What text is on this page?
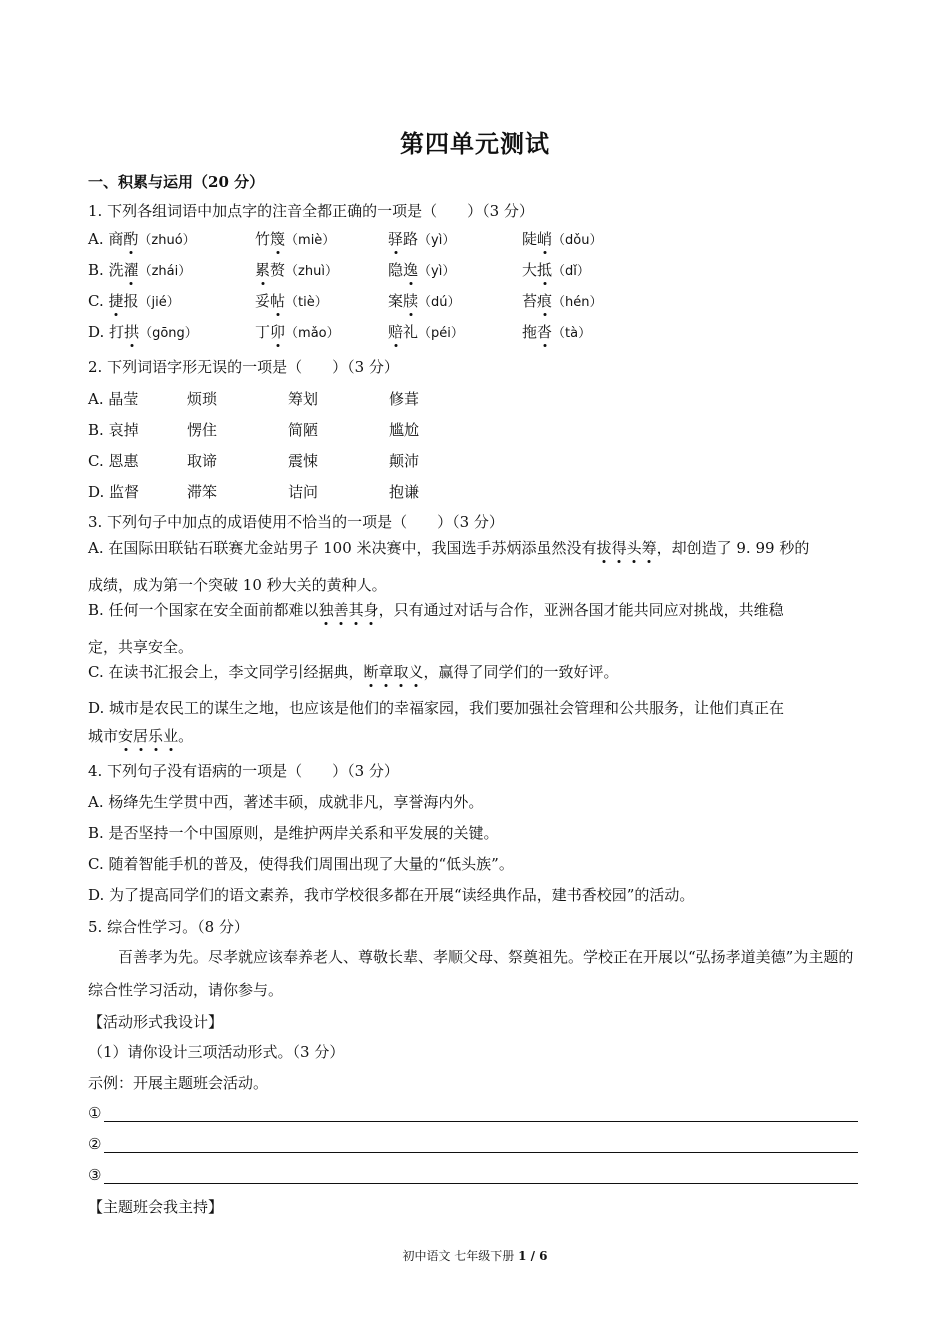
第四单元测试
一、积累与运用（20 分）
1. 下列各组词语中加点字的注音全都正确的一项是（　　）（3 分）
A. 商酌（zhuó）	竹篾（miè）	驿路（yì）	陡峭（dǒu）
B. 洗濯（zhái）	累赘（zhuì）	隐逸（yì）	大抵（dǐ）
C. 捷报（jié）	妥帖（tiè）	案牍（dú）	苔痕（hén）
D. 打拱（gōng）	丁卯（mǎo）	赔礼（péi）	拖沓（tà）
2. 下列词语字形无误的一项是（　　）（3 分）
A. 晶莹	烦琐	筹划	修葺
B. 哀掉	愣住	简陋	尴尬
C. 恩惠	取谛	震悚	颠沛
D. 监督	滞笨	诘问	抱谦
3. 下列句子中加点的成语使用不恰当的一项是（　　）（3 分）
A. 在国际田联钻石联赛尤金站男子 100 米决赛中，我国选手苏炳添虽然没有拔得头筹，却创造了 9. 99 秒的
成绩，成为第一个突破 10 秒大关的黄种人。
B. 任何一个国家在安全面前都难以独善其身，只有通过对话与合作，亚洲各国才能共同应对挑战，共维稳
定，共享安全。
C. 在读书汇报会上，李文同学引经据典，断章取义，赢得了同学们的一致好评。
D. 城市是农民工的谋生之地，也应该是他们的幸福家园，我们要加强社会管理和公共服务，让他们真正在
城市安居乐业。
4. 下列句子没有语病的一项是（　　）（3 分）
A. 杨绛先生学贯中西，著述丰硕，成就非凡，享誉海内外。
B. 是否坚持一个中国原则，是维护两岸关系和平发展的关键。
C. 随着智能手机的普及，使得我们周围出现了大量的“低头族”。
D. 为了提高同学们的语文素养，我市学校很多都在开展“读经典作品，建书香校园”的活动。
5. 综合性学习。（8 分）
百善孝为先。尽孝就应该奉养老人、尊敬长辈、孝顺父母、祭奠祖先。学校正在开展以“弘扬孝道美德”为主题的综合性学习活动，请你参与。
【活动形式我设计】
（1）请你设计三项活动形式。（3 分）
示例：开展主题班会活动。
①
②
③
【主题班会我主持】
初中语文 七年级下册 1 / 6
